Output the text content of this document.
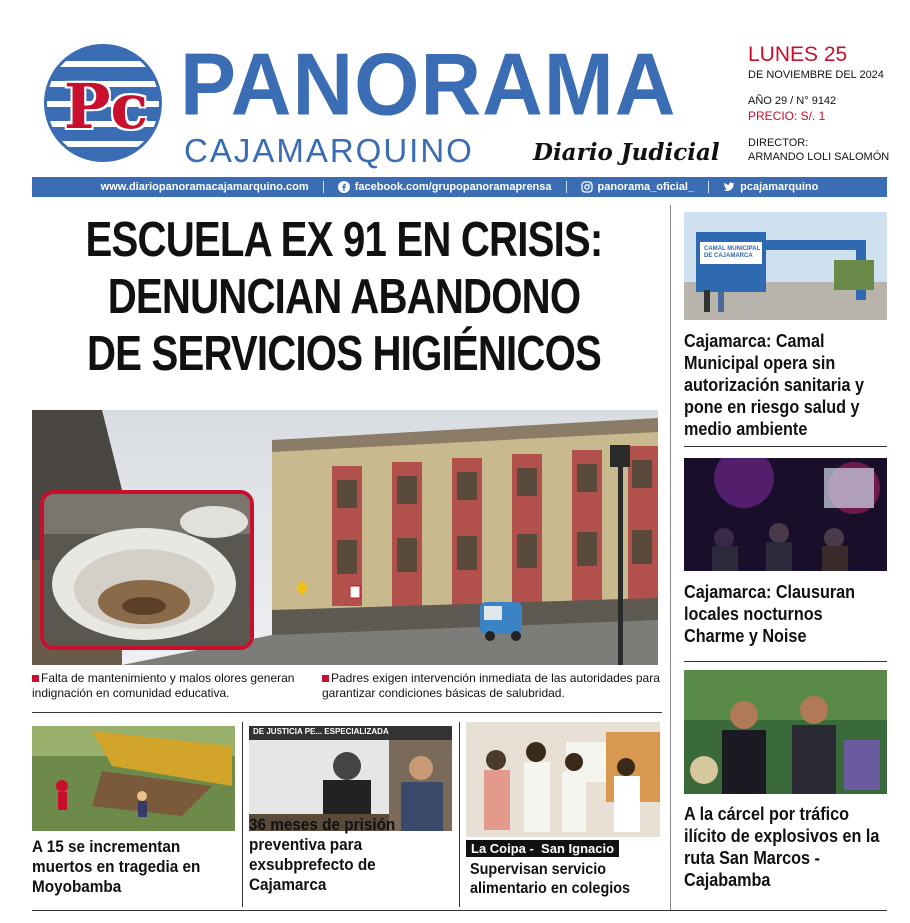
Pc PANORAMA
CAJAMARQUINO	Diario Judicial
LUNES 25
DE NOVIEMBRE DEL 2024
AÑO 29 / N° 9142
PRECIO: S/. 1
DIRECTOR:
ARMANDO LOLI SALOMÓN
www.diariopanoramacajamarquino.com	facebook.com/grupopanoramaprensa	panorama_oficial_	pcajamarquino
ESCUELA EX 91 EN CRISIS:
DENUNCIAN ABANDONO
DE SERVICIOS HIGIÉNICOS
Falta de mantenimiento y malos olores generan indignación en comunidad educativa.
Padres exigen intervención inmediata de las autoridades para garantizar condiciones básicas de salubridad.
A 15 se incrementan muertos en tragedia en Moyobamba
DE JUSTICIA PE... ESPECIALIZADA
36 meses de prisión preventiva para exsubprefecto de Cajamarca
La Coipa -  San Ignacio
Supervisan servicio alimentario en colegios
CAMAL MUNICIPAL DE CAJAMARCA
Cajamarca: Camal Municipal opera sin autorización sanitaria y pone en riesgo salud y medio ambiente
Cajamarca: Clausuran locales nocturnos Charme y Noise
A la cárcel por tráfico ilícito de explosivos en la ruta San Marcos - Cajabamba
